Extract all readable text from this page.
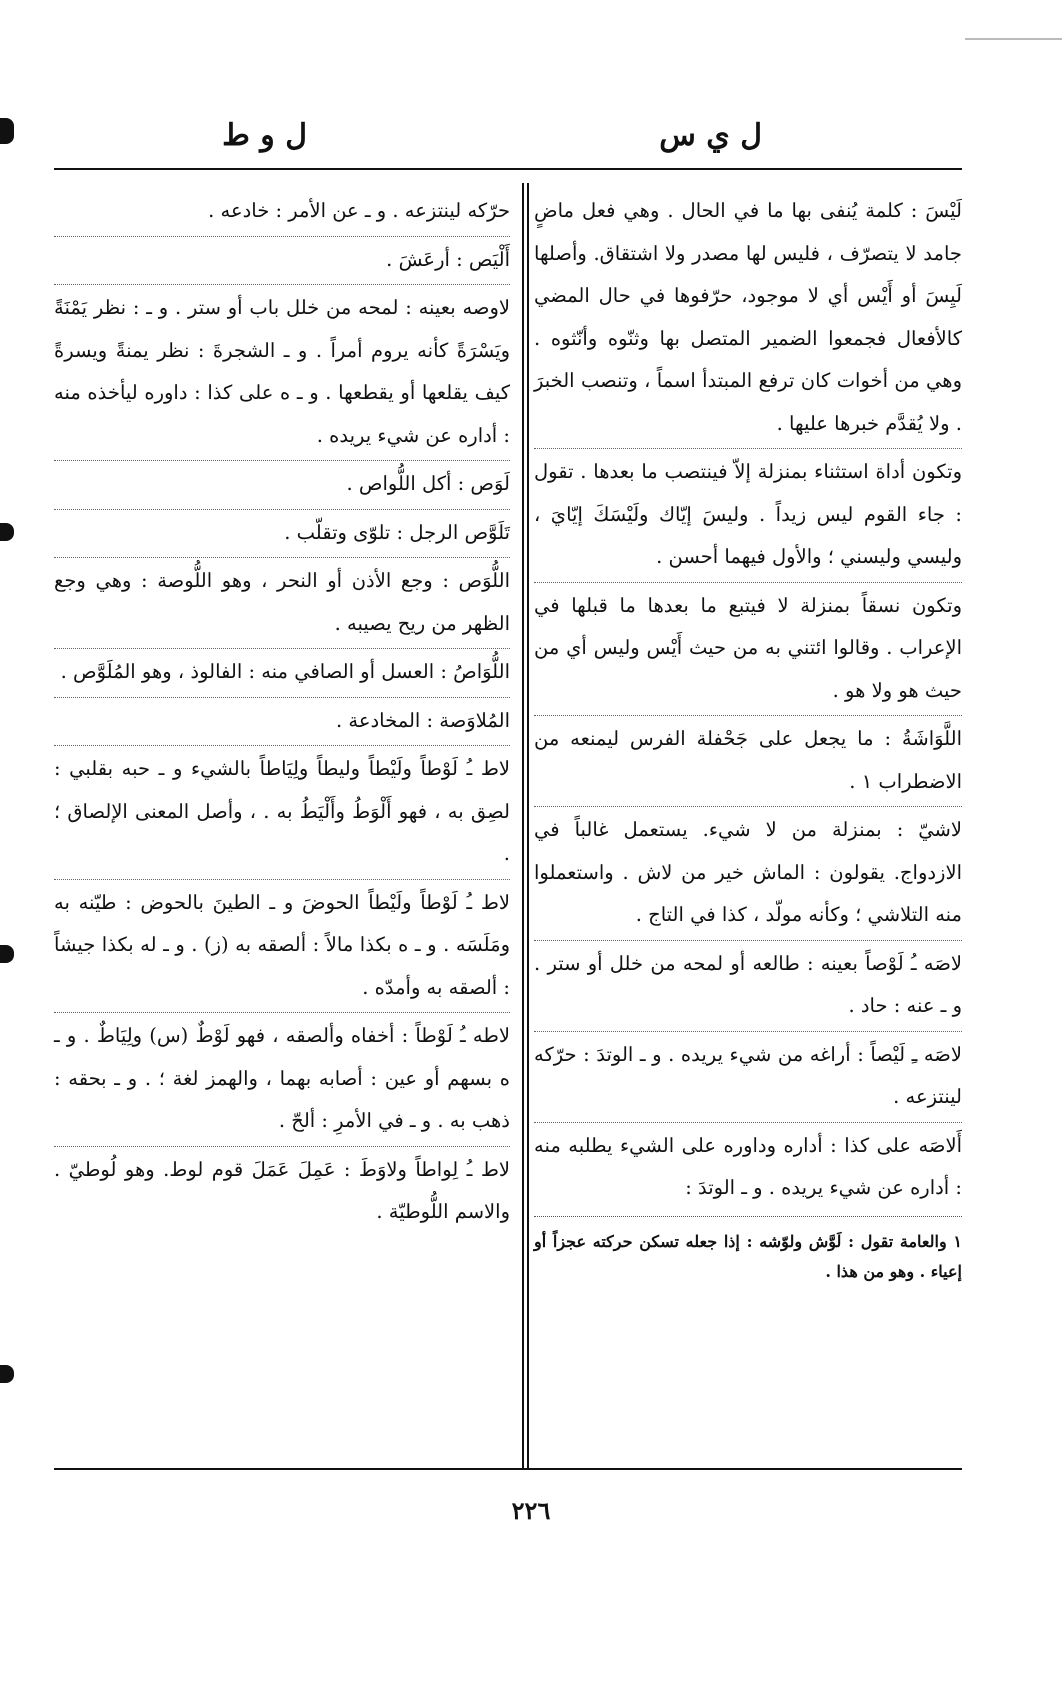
ل ي س
ل و ط

لَيْسَ : كلمة يُنفى بها ما في الحال . وهي فعل ماضٍ جامد لا يتصرّف ، فليس لها مصدر ولا اشتقاق. وأصلها لَيِسَ أو أَيْس أي لا موجود، حرّفوها في حال المضي كالأفعال فجمعوا الضمير المتصل بها وثنّوه وأنّثوه . وهي من أخوات كان ترفع المبتدأ اسماً ، وتنصب الخبرَ . ولا يُقدَّم خبرها عليها .

وتكون أداة استثناء بمنزلة إلاّ فينتصب ما بعدها . تقول : جاء القوم ليس زيداً . وليسَ إيّاك ولَيْسَكَ إيّايَ ، وليسي وليسني ؛ والأول فيهما أحسن .

وتكون نسقاً بمنزلة لا فيتبع ما بعدها ما قبلها في الإعراب . وقالوا ائتني به من حيث أَيْس وليس أي من حيث هو ولا هو .

اللَّوَاشَةُ : ما يجعل على جَحْفلة الفرس ليمنعه من الاضطراب ١ .

لاشيّ : بمنزلة من لا شيء. يستعمل غالباً في الازدواج. يقولون : الماش خير من لاش . واستعملوا منه التلاشي ؛ وكأنه مولّد ، كذا في التاج .

لاصَه ـُ لَوْصاً بعينه : طالعه أو لمحه من خلل أو ستر . و ـ عنه : حاد .

لاصَه ـِ لَيْصاً : أراغه من شيء يريده . و ـ الوتدَ : حرّكه لينتزعه .

أَلاصَه على كذا : أداره وداوره على الشيء يطلبه منه : أداره عن شيء يريده . و ـ الوتدَ :

١ والعامة تقول : لَوَّش ولوّشه : إذا جعله تسكن حركته عجزاً أو إعياء . وهو من هذا .

حرّكه لينتزعه . و ـ عن الأمر : خادعه .

أَلْيَص : أرعَشَ .

لاوصه بعينه : لمحه من خلل باب أو ستر . و ـ : نظر يَمْنَةً ويَسْرَةً كأنه يروم أمراً . و ـ الشجرةَ : نظر يمنةً ويسرةً كيف يقلعها أو يقطعها . و ـ ه على كذا : داوره ليأخذه منه : أداره عن شيء يريده .

لَوَص : أكل اللُّواص .

تَلَوَّص الرجل : تلوّى وتقلّب .

اللُّوَص : وجع الأذن أو النحر ، وهو اللُّوصة : وهي وجع الظهر من ريح يصيبه .

اللُّوَاصُ : العسل أو الصافي منه : الفالوذ ، وهو المُلَوَّص .

المُلاوَصة : المخادعة .

لاط ـُ لَوْطاً ولَيْطاً وليطاً ولِيَاطاً بالشيء و ـ حبه بقلبي : لصِق به ، فهو أَلْوَطُ وأَلْيَطُ به . ، وأصل المعنى الإلصاق ؛ .

لاط ـُ لَوْطاً ولَيْطاً الحوضَ و ـ الطينَ بالحوض : طيّنه به ومَلَسَه . و ـ ه بكذا مالاً : ألصقه به (ز) . و ـ له بكذا جيشاً : ألصقه به وأمدّه .

لاطه ـُ لَوْطاً : أخفاه وألصقه ، فهو لَوْطٌ (س) ولِيَاطٌ . و ـ ه بسهم أو عين : أصابه بهما ، والهمز لغة ؛ . و ـ بحقه : ذهب به . و ـ في الأمرِ : ألحّ .

لاط ـُ لِواطاً ولاوَطَ : عَمِلَ عَمَلَ قوم لوط. وهو لُوطيّ . والاسم اللُّوطيّة .

٢٢٦
